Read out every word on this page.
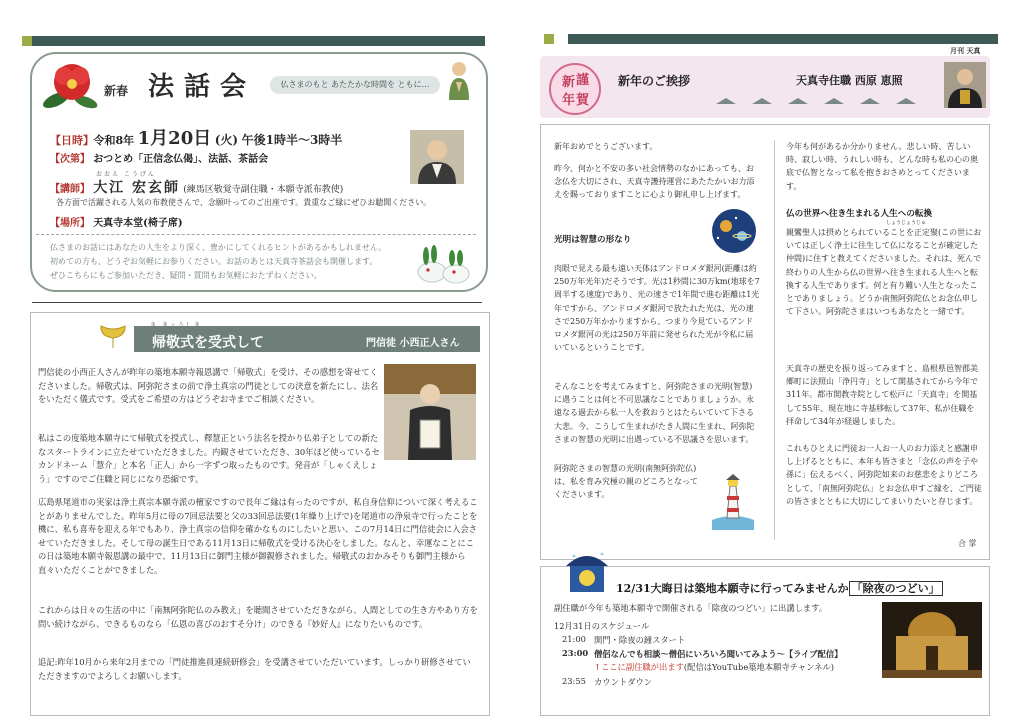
新春 法話会	仏さまのもと あたたかな時間を ともに…
【日時】 令和8年 1月20日 (火) 午後1時半〜3時半
【次第】 おつとめ「正信念仏偈」、法話、茶話会
おおえ こうげん
【講師】 大江 宏玄師 (練馬区敬覚寺副住職・本願寺派布教使)
各方面で活躍される人気の布教使さんで、念願叶ってのご出座です。貴重なご縁にぜひお聴聞ください。
【場所】 天真寺本堂(椅子席)
仏さまのお話にはあなたの人生をより深く、豊かにしてくれるヒントがあるかもしれません。
初めての方も、どうぞお気軽にお参りください。お話のあとは天真寺茶話会も開催します。
ぜひこちらにもご参加いただき、疑問・質問もお気軽におたずねください。
帰敬式を受式して	門信徒 小西正人さん
門信徒の小西正人さんが昨年の築地本願寺報恩講で「帰敬式」を受け、その感想を寄せてくださいました。帰敬式は、阿弥陀さまの前で浄土真宗の門徒としての決意を新たにし、法名をいただく儀式です。受式をご希望の方はどうぞお寺までご相談ください。
私はこの度築地本願寺にて帰敬式を授式し、釋慧正という法名を授かり仏弟子としての新たなスタートラインに立たせていただきました。内観させていただき、30年ほど使っているセカンドネーム「慧介」と本名「正人」から一字ずつ取ったものです。発音が「しゃくえしょう」ですのでご住職と同じになり恐縮です。
広島県尾道市の実家は浄土真宗本願寺派の檀家ですので長年ご縁は有ったのですが、私自身信仰について深く考えることがありませんでした。昨年5月に母の7回忌法要と父の33回忌法要(1年繰り上げで)を尾道市の浄泉寺で行ったことを機に、私も喜寿を迎える年でもあり、浄土真宗の信仰を確かなものにしたいと思い、この7月14日に門信徒会に入会させていただきました。そして母の誕生日である11月13日に帰敬式を受ける決心をしました。なんと、幸運なことにこの日は築地本願寺報恩講の最中で、11月13日に御門主様が御親修されました。帰敬式のおかみそりも御門主様から直々いただくことができました。
これからは日々の生活の中に「南無阿弥陀仏のみ教え」を聴聞させていただきながら、人間としての生き方やあり方を問い続けながら、できるものなら「仏恩の喜びのおすそ分け」のできる『妙好人』になりたいものです。
追記:昨年10月から来年2月までの「門徒推進員連続研修会」を受講させていただいています。しっかり研修させていただきますのでよろしくお願いします。
月刊 天真
新 謹
年 賀
新年のご挨拶	天真寺住職 西原 恵照
新年おめでとうございます。
昨今、何かと不安の多い社会情勢のなかにあっても、お念仏を大切にされ、天真寺護持運営にあたたかいお力添えを賜っておりますことに心より御礼申し上げます。
光明は智慧の形なり
肉眼で見える最も遠い天体はアンドロメダ銀河(距離は約250万年光年)だそうです。光は1秒間に30万km(地球を7周半する速度)であり、光の速さで1年間で進む距離は1光年ですから、アンドロメダ銀河で放たれた光は、光の速さで250万年かかりますから、つまり今見ているアンドロメダ銀河の光は250万年前に発せられた光が今私に届いているということです。
そんなことを考えてみますと、阿弥陀さまの光明(智慧)に遇うことは何と不可思議なことでありましょうか。永遠なる過去から私一人を救おうとはたらいていて下さる大悲。今、こうして生まれがたき人間に生まれ、阿弥陀さまの智慧の光明に出遇っている不思議さを思います。
阿弥陀さまの智慧の光明(南無阿弥陀仏)は、私を育み究極の親のどころとなってくださいます。
今年も何があるか分かりません。悲しい時、苦しい時、寂しい時、うれしい時も、どんな時も私の心の奥底で仏智となって私を抱きおさめとってくださいます。
仏の世界へ往き生まれる人生への転換
しょうじょうじゅ
親鸞聖人は摂めとられていることを正定聚(この世においては正しく浄土に往生して仏になることが確定した仲間)に住すと教えてくださいました。それは、死んで終わりの人生から仏の世界へ往き生まれる人生へと転換する人生であります。何と有り難い人生となったことでありましょう。どうか南無阿弥陀仏とお念仏申して下さい。阿弥陀さまはいつもあなたと一緒です。
天真寺の歴史を振り返ってみますと、島根県邑智郡美郷町に法照山「浄円寺」として開基されてから今年で311年。都市開教寺院として松戸に「天真寺」を開基して55年、現在地に寺基移転して37年、私が住職を拝命して34年が経過しました。
これもひとえに門徒お一人お一人のお力添えと感謝申し上げるとともに、本年も皆さまと「念仏の声を子や孫に」伝えるべく、阿弥陀如来のお慈悲をよりどころとして、「南無阿弥陀仏」とお念仏申すご縁を、ご門徒の皆さまとともに大切にしてまいりたいと存じます。
合 掌
12/31大晦日は築地本願寺に行ってみませんか 「除夜のつどい」
副住職が今年も築地本願寺で開催される「除夜のつどい」に出講します。
12月31日のスケジュール
21:00 開門・除夜の鐘スタート
23:00 僧侶なんでも相談〜僧侶にいろいろ聞いてみよう〜【ライブ配信】
↑ここに副住職が出ます(配信はYouTube築地本願寺チャンネル)
23:55 カウントダウン
